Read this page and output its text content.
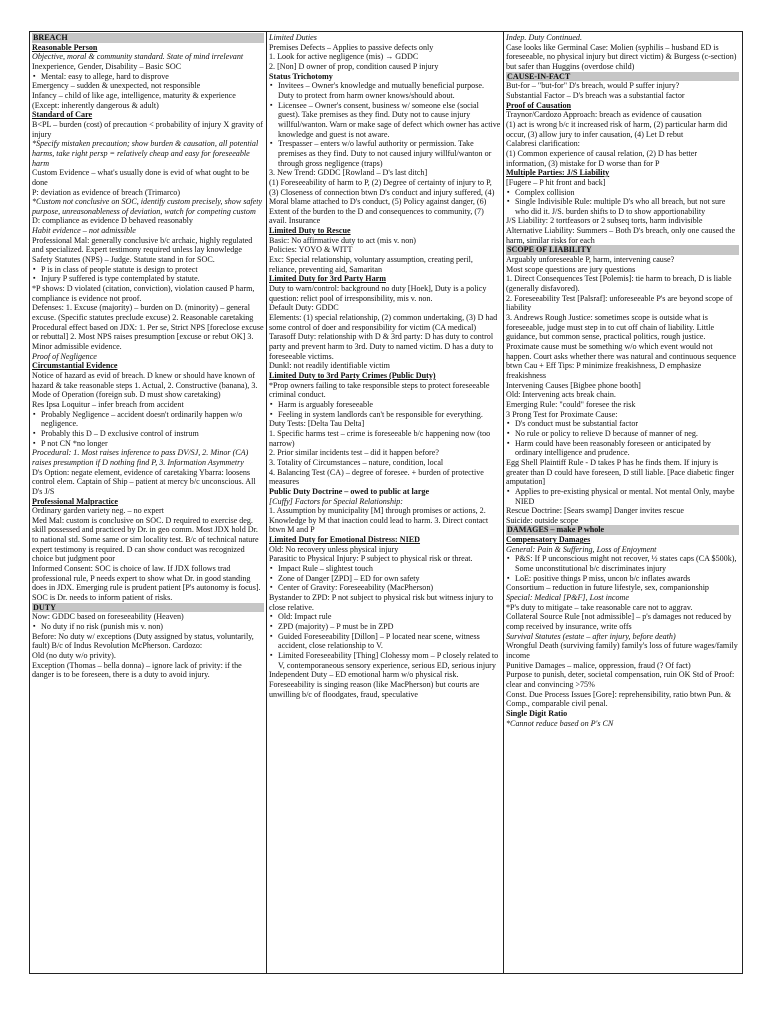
BREACH
Reasonable Person
Objective, moral & community standard. State of mind irrelevant
Inexperience, Gender, Disability – Basic SOC
▪ Mental: easy to allege, hard to disprove
Emergency – sudden & unexpected, not responsible
Infancy – child of like age, intelligence, maturity & experience (Except: inherently dangerous & adult)
Standard of Care
B<PL – burden (cost) of precaution < probability of injury X gravity of injury
*Specify mistaken precaution; show burden & causation, all potential harms, take right persp = relatively cheap and easy for foreseeable harm
Custom Evidence – what's usually done is evid of what ought to be done
P: deviation as evidence of breach (Trimarco)
*Custom not conclusive on SOC, identify custom precisely, show safety purpose, unreasonableness of deviation, watch for competing custom
D: compliance as evidence D behaved reasonably
Habit evidence – not admissible
Professional Mal: generally conclusive b/c archaic, highly regulated and specialized. Expert testimony required unless lay knowledge
Safety Statutes (NPS) – Judge. Statute stand in for SOC.
▪ P is in class of people statute is design to protect
▪ Injury P suffered is type contemplated by statute.
*P shows: D violated (citation, conviction), violation caused P harm, compliance is evidence not proof.
Defenses: 1. Excuse (majority) – burden on D. (minority) – general excuse. (Specific statutes preclude excuse) 2. Reasonable caretaking
Procedural effect based on JDX: 1. Per se, Strict NPS [foreclose excuse or rebuttal] 2. Most NPS raises presumption [excuse or rebut OK] 3. Minor admissible evidence.
Proof of Negligence
Circumstantial Evidence
Notice of hazard as evid of breach. D knew or should have known of hazard & take reasonable steps 1. Actual, 2. Constructive (banana), 3. Mode of Operation (foreign sub. D must show caretaking)
Res Ipsa Loquitur – infer breach from accident
▪ Probably Negligence – accident doesn't ordinarily happen w/o negligence.
▪ Probably this D – D exclusive control of instrum
▪ P not CN *no longer
Procedural: 1. Most raises inference to pass DV/SJ, 2. Minor (CA) raises presumption if D nothing find P, 3. Information Asymmetry
D's Option: negate element, evidence of caretaking Ybarra: loosens control elem. Captain of Ship – patient at mercy b/c unconscious. All D's J/S
Professional Malpractice
Ordinary garden variety neg. – no expert
Med Mal: custom is conclusive on SOC. D required to exercise deg. skill possessed and practiced by Dr. in geo comm. Most JDX hold Dr. to national std. Some same or sim locality test. B/c of technical nature expert testimony is required. D can show conduct was recognized choice but judgment poor
Informed Consent: SOC is choice of law. If JDX follows trad professional rule, P needs expert to show what Dr. in good standing does in JDX. Emerging rule is prudent patient [P's autonomy is focus]. SOC is Dr. needs to inform patient of risks.
DUTY
Now: GDDC based on foreseeability (Heaven)
▪ No duty if no risk (punish mis v. non)
Before: No duty w/ exceptions (Duty assigned by status, voluntarily, fault) B/c of Indus Revolution McPherson. Cardozo:
Old (no duty w/o privity).
Exception (Thomas – bella donna) – ignore lack of privity: if the danger is to be foreseen, there is a duty to avoid injury.
Limited Duties
Premises Defects – Applies to passive defects only
1. Look for active negligence (mis) → GDDC
2. [Non] D owner of prop, condition caused P injury
Status Trichotomy
▪ Invitees – Owner's knowledge and mutually beneficial purpose. Duty to protect from harm owner knows/should about.
▪ Licensee – Owner's consent, business w/ someone else (social guest). Take premises as they find. Duty not to cause injury willful/wanton. Warn or make sage of defect which owner has active knowledge and guest is not aware.
▪ Trespasser – enters w/o lawful authority or permission. Take premises as they find. Duty to not caused injury willful/wanton or through gross negligence (traps)
3. New Trend: GDDC [Rowland – D's last ditch]
(1) Foreseeability of harm to P, (2) Degree of certainty of injury to P, (3) Closeness of connection btwn D's conduct and injury suffered, (4) Moral blame attached to D's conduct, (5) Policy against danger, (6) Extent of the burden to the D and consequences to community, (7) avail. Insurance
Limited Duty to Rescue
Basic: No affirmative duty to act (mis v. non)
Policies: YOYO & WITT
Exc: Special relationship, voluntary assumption, creating peril, reliance, preventing aid, Samaritan
Limited Duty for 3rd Party Harm
Duty to warn/control: background no duty [Hoek], Duty is a policy question: relict pool of irresponsibility, mis v. non.
Default Duty: GDDC
Elements: (1) special relationship, (2) common undertaking, (3) D had some control of doer and responsibility for victim (CA medical)
Tarasoff Duty: relationship with D & 3rd party: D has duty to control party and prevent harm to 3rd. Duty to named victim. D has a duty to foreseeable victims.
Dunkl: not readily identifiable victim
Limited Duty to 3rd Party Crimes (Public Duty)
*Prop owners failing to take responsible steps to protect foreseeable criminal conduct.
▪ Harm is arguably foreseeable
▪ Feeling in system landlords can't be responsible for everything.
Duty Tests: [Delta Tau Delta]
1. Specific harms test – crime is foreseeable b/c happening now (too narrow)
2. Prior similar incidents test – did it happen before?
3. Totality of Circumstances – nature, condition, local
4. Balancing Test (CA) – degree of foresee. + burden of protective measures
Public Duty Doctrine – owed to public at large
[Cuffy] Factors for Special Relationship:
1. Assumption by municipality [M] through promises or actions, 2. Knowledge by M that inaction could lead to harm. 3. Direct contact btwn M and P
Limited Duty for Emotional Distress: NIED
Old: No recovery unless physical injury
Parasitic to Physical Injury: P subject to physical risk or threat.
▪ Impact Rule – slightest touch
▪ Zone of Danger [ZPD] – ED for own safety
▪ Center of Gravity: Foreseeability (MacPherson)
Bystander to ZPD: P not subject to physical risk but witness injury to close relative.
▪ Old: Impact rule
▪ ZPD (majority) – P must be in ZPD
▪ Guided Foreseeability [Dillon] – P located near scene, witness accident, close relationship to V.
▪ Limited Foreseeability [Thing] Clohessy mom – P closely related to V, contemporaneous sensory experience, serious ED, serious injury
Independent Duty – ED emotional harm w/o physical risk. Foreseeability is singing reason (like MacPherson) but courts are unwilling b/c of floodgates, fraud, speculative
Indep. Duty Continued.
Case looks like Germinal Case: Molien (syphilis – husband ED is foreseeable, no physical injury but direct victim) & Burgess (c-section) but safer than Huggins (overdose child)
CAUSE-IN-FACT
But-for – "but-for" D's breach, would P suffer injury?
Substantial Factor – D's breach was a substantial factor
Proof of Causation
Traynor/Cardozo Approach: breach as evidence of causation
(1) act is wrong b/c it increased risk of harm, (2) particular harm did occur, (3) allow jury to infer causation, (4) Let D rebut
Calabresi clarification:
(1) Common experience of causal relation, (2) D has better information, (3) mistake for D worse than for P
Multiple Parties: J/S Liability
[Fugere – P hit front and back]
▪ Complex collision
▪ Single Indivisible Rule: multiple D's who all breach, but not sure who did it. J/S. burden shifts to D to show apportionability
J/S Liability: 2 tortfeasors or 2 subseq torts, harm indivisible
Alternative Liability: Summers – Both D's breach, only one caused the harm, similar risks for each
SCOPE OF LIABILITY
Arguably unforeseeable P, harm, intervening cause?
Most scope questions are jury questions
1. Direct Consequences Test [Polemis]: tie harm to breach, D is liable (generally disfavored).
2. Foreseeability Test [Palsraf]: unforeseeable P's are beyond scope of liability
3. Andrews Rough Justice: sometimes scope is outside what is foreseeable, judge must step in to cut off chain of liability. Little guidance, but common sense, practical politics, rough justice. Proximate cause must be something w/o which event would not happen. Court asks whether there was natural and continuous sequence btwn Cau + Eff Tips: P minimize freakishness, D emphasize freakishness
Intervening Causes [Bigbee phone booth]
Old: Intervening acts break chain.
Emerging Rule: "could" foresee the risk
3 Prong Test for Proximate Cause:
▪ D's conduct must be substantial factor
▪ No rule or policy to relieve D because of manner of neg.
▪ Harm could have been reasonably foreseen or anticipated by ordinary intelligence and prudence.
Egg Shell Plaintiff Rule - D takes P has he finds them. If injury is greater than D could have foreseen, D still liable. [Pace diabetic finger amputation]
▪ Applies to pre-existing physical or mental. Not mental Only, maybe NIED
Rescue Doctrine: [Sears swamp] Danger invites rescue
Suicide: outside scope
DAMAGES – make P whole
Compensatory Damages
General: Pain & Suffering, Loss of Enjoyment
▪ P&S: If P unconscious might not recover, ½ states caps (CA $500k), Some unconstitutional b/c discriminates injury
▪ LoE: positive things P miss, uncon b/c inflates awards
Consortium – reduction in future lifestyle, sex, companionship
Special: Medical [P&F], Lost income
*P's duty to mitigate – take reasonable care not to aggrav.
Collateral Source Rule [not admissible] – p's damages not reduced by comp received by insurance, write offs
Survival Statutes (estate – after injury, before death)
Wrongful Death (surviving family) family's loss of future wages/family income
Punitive Damages – malice, oppression, fraud (? Of fact)
Purpose to punish, deter, societal compensation, ruin OK Std of Proof: clear and convincing >75%
Const. Due Process Issues [Gore]: reprehensibility, ratio btwn Pun. & Comp., comparable civil penal.
Single Digit Ratio
*Cannot reduce based on P's CN
